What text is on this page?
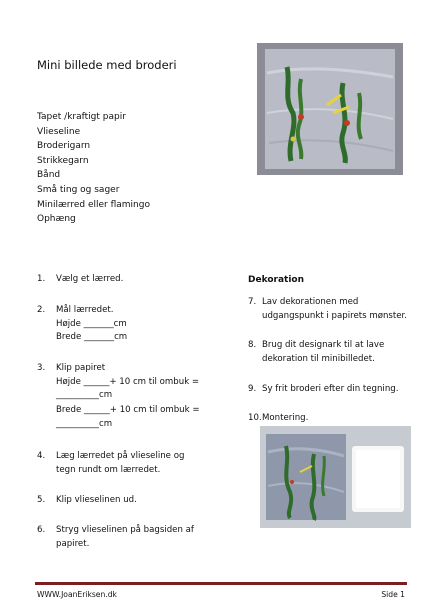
Mini billede med broderi
Tapet /kraftigt papir
Vlieseline
Broderigarn
Strikkegarn
Bånd
Små ting og sager
Minilærred eller flamingo
Ophæng
1.	Vælg et lærred.
2.	Mål lærredet.
Højde _______cm
Brede _______cm
3.	Klip papiret
Højde ______+ 10 cm til ombuk =
__________cm
Brede ______+ 10 cm til ombuk =
__________cm
4.	Læg lærredet på vlieseline og
tegn rundt om lærredet.
5.	Klip vlieselinen ud.
6.	Stryg vlieselinen på bagsiden af
papiret.
Dekoration
7. Lav dekorationen med
udgangspunkt i papirets mønster.
8. Brug dit designark til at lave
dekoration til minibilledet.
9. Sy frit broderi efter din tegning.
10. Montering.
WWW.JoanEriksen.dk	Side 1
